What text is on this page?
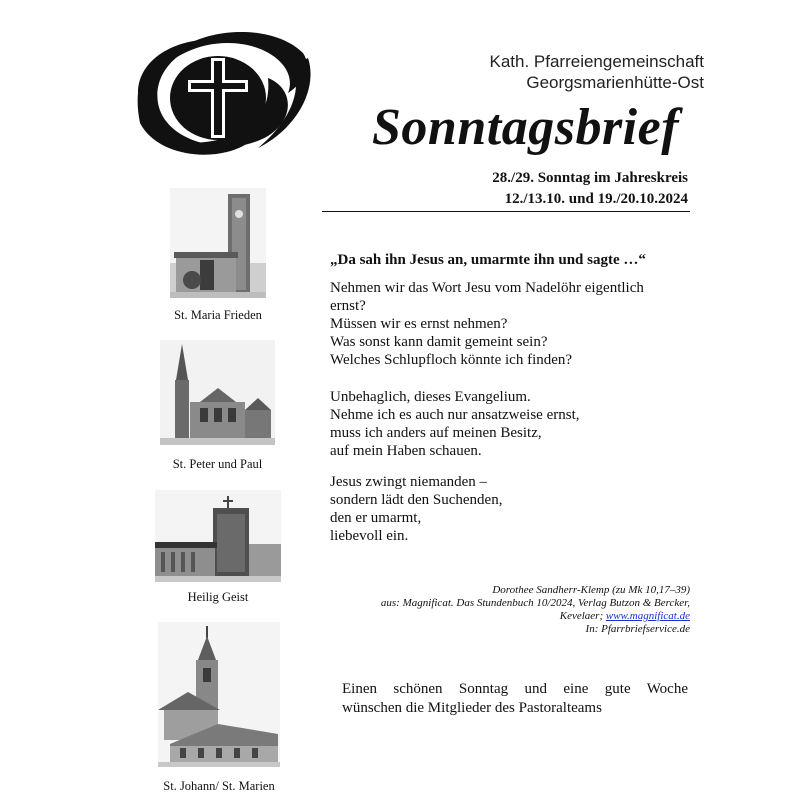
Kath. Pfarreiengemeinschaft
Georgsmarienhütte-Ost
Sonntagsbrief
28./29. Sonntag im Jahreskreis
12./13.10. und 19./20.10.2024
St. Maria Frieden
St. Peter und Paul
Heilig Geist
St. Johann/ St. Marien
„Da sah ihn Jesus an, umarmte ihn und sagte …“
Nehmen wir das Wort Jesu vom Nadelöhr eigentlich
ernst?
Müssen wir es ernst nehmen?
Was sonst kann damit gemeint sein?
Welches Schlupfloch könnte ich finden?
Unbehaglich, dieses Evangelium.
Nehme ich es auch nur ansatzweise ernst,
muss ich anders auf meinen Besitz,
auf mein Haben schauen.
Jesus zwingt niemanden –
sondern lädt den Suchenden,
den er umarmt,
liebevoll ein.
Dorothee Sandherr-Klemp (zu Mk 10,17–39)
aus: Magnificat. Das Stundenbuch 10/2024, Verlag Butzon & Bercker,
Kevelaer; www.magnificat.de
In: Pfarrbriefservice.de
Einen schönen Sonntag und eine gute Woche
wünschen die Mitglieder des Pastoralteams
